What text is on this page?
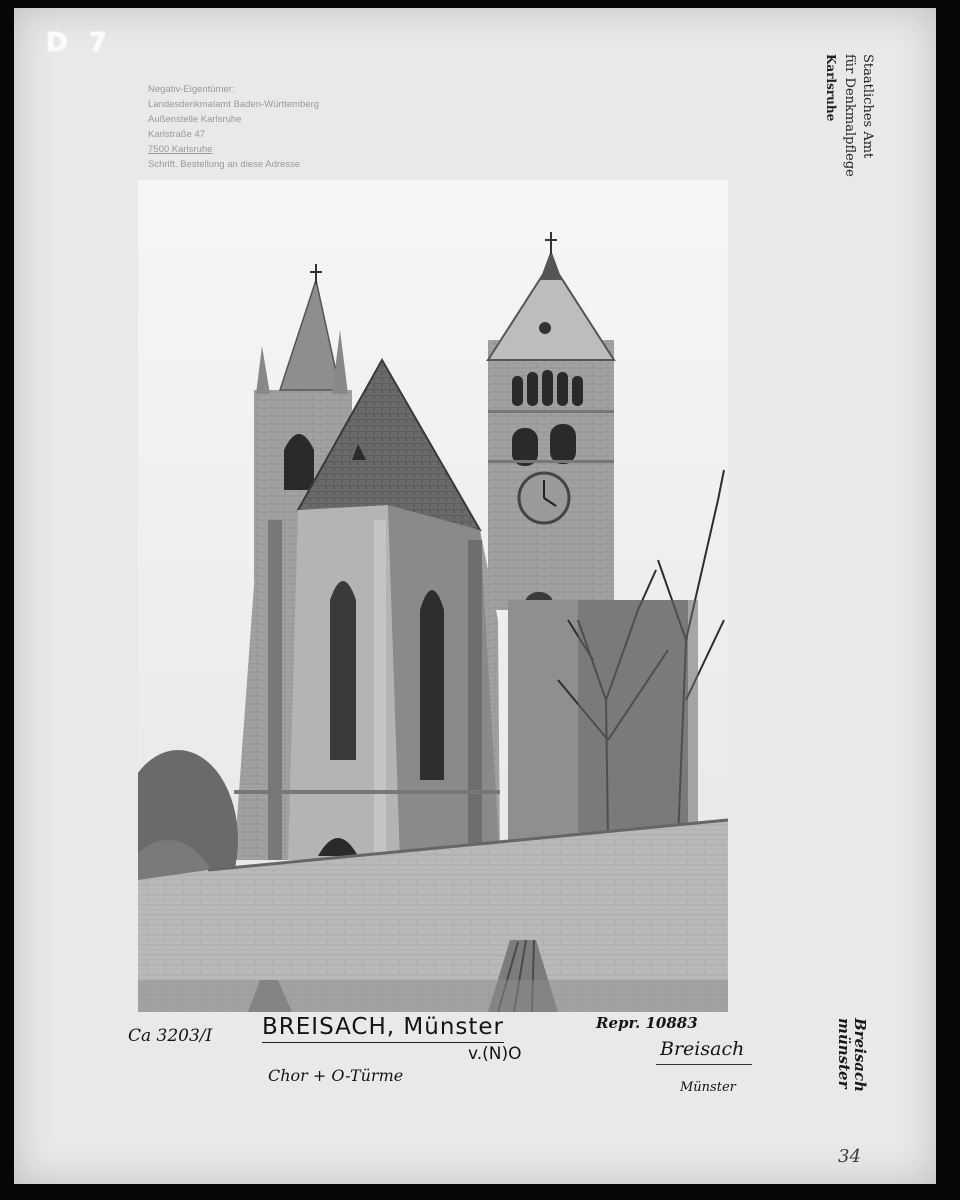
D 7
Negativ-Eigentümer:
Landesdenkmalamt Baden-Württemberg
Außenstelle Karlsruhe
Karlstraße 47
7500 Karlsruhe
Schrift. Bestellung an diese Adresse
Staatliches Amt
für Denkmalpflege
Karlsruhe
Ca 3203/I BREISACH, Münster
v.(N)O
Chor + O-Türme
Repr. 10883
Breisach
Münster	Breisach
münster
34
